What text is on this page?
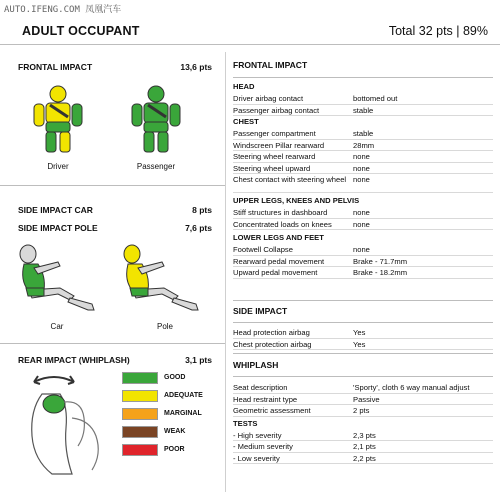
AUTO.IFENG.COM 凤凰汽车
ADULT OCCUPANT	Total 32 pts | 89%
FRONTAL IMPACT	13,6 pts
Driver	Passenger
SIDE IMPACT CAR	8 pts
SIDE IMPACT POLE	7,6 pts
Car	Pole
REAR IMPACT (WHIPLASH)	3,1 pts
GOOD
ADEQUATE
MARGINAL
WEAK
POOR
FRONTAL IMPACT
HEAD
Driver airbag contact	bottomed out
Passenger airbag contact	stable
CHEST
Passenger compartment	stable
Windscreen Pillar rearward	28mm
Steering wheel rearward	none
Steering wheel upward	none
Chest contact with steering wheel none
UPPER LEGS, KNEES AND PELVIS
Stiff structures in dashboard	none
Concentrated loads on knees	none
LOWER LEGS AND FEET
Footwell Collapse	none
Rearward pedal movement	Brake - 71.7mm
Upward pedal movement	Brake - 18.2mm
SIDE IMPACT
Head protection airbag	Yes
Chest protection airbag	Yes
WHIPLASH
Seat description	'Sporty', cloth 6 way manual adjust
Head restraint type	Passive
Geometric assessment	2 pts
TESTS
- High severity	2,3 pts
- Medium severity	2,1 pts
- Low severity	2,2 pts
